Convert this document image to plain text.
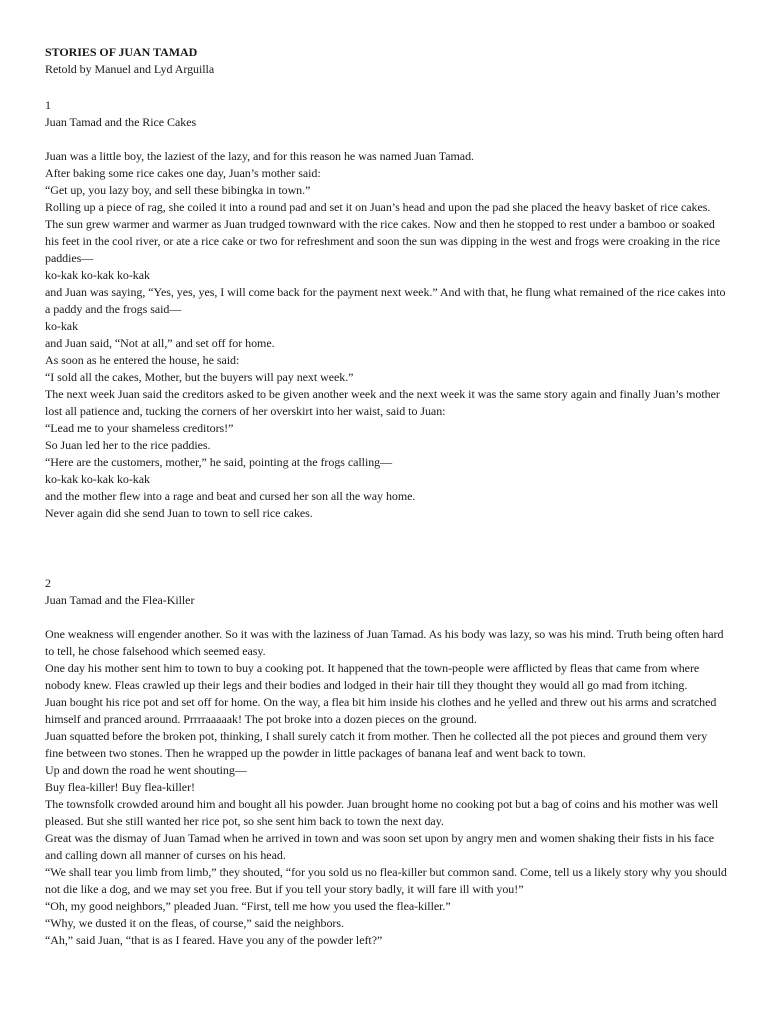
STORIES OF JUAN TAMAD

Retold by Manuel and Lyd Arguilla

1

Juan Tamad and the Rice Cakes

Juan was a little boy, the laziest of the lazy, and for this reason he was named Juan Tamad.

After baking some rice cakes one day, Juan’s mother said:

“Get up, you lazy boy, and sell these bibingka in town.”

Rolling up a piece of rag, she coiled it into a round pad and set it on Juan’s head and upon the pad she placed the heavy basket of rice cakes.

The sun grew warmer and warmer as Juan trudged townward with the rice cakes. Now and then he stopped to rest under a bamboo or soaked his feet in the cool river, or ate a rice cake or two for refreshment and soon the sun was dipping in the west and frogs were croaking in the rice paddies—

ko-kak ko-kak ko-kak

and Juan was saying, “Yes, yes, yes, I will come back for the payment next week.” And with that, he flung what remained of the rice cakes into a paddy and the frogs said—

ko-kak

and Juan said, “Not at all,” and set off for home.

As soon as he entered the house, he said:

“I sold all the cakes, Mother, but the buyers will pay next week.”

The next week Juan said the creditors asked to be given another week and the next week it was the same story again and finally Juan’s mother lost all patience and, tucking the corners of her overskirt into her waist, said to Juan:

“Lead me to your shameless creditors!”

So Juan led her to the rice paddies.

“Here are the customers, mother,” he said, pointing at the frogs calling—

ko-kak ko-kak ko-kak

and the mother flew into a rage and beat and cursed her son all the way home.

Never again did she send Juan to town to sell rice cakes.

2

Juan Tamad and the Flea-Killer

One weakness will engender another. So it was with the laziness of Juan Tamad. As his body was lazy, so was his mind. Truth being often hard to tell, he chose falsehood which seemed easy.

One day his mother sent him to town to buy a cooking pot. It happened that the town-people were afflicted by fleas that came from where nobody knew. Fleas crawled up their legs and their bodies and lodged in their hair till they thought they would all go mad from itching.

Juan bought his rice pot and set off for home. On the way, a flea bit him inside his clothes and he yelled and threw out his arms and scratched himself and pranced around. Prrrraaaaak! The pot broke into a dozen pieces on the ground.

Juan squatted before the broken pot, thinking, I shall surely catch it from mother. Then he collected all the pot pieces and ground them very fine between two stones. Then he wrapped up the powder in little packages of banana leaf and went back to town.

Up and down the road he went shouting—

Buy flea-killer! Buy flea-killer!

The townsfolk crowded around him and bought all his powder. Juan brought home no cooking pot but a bag of coins and his mother was well pleased. But she still wanted her rice pot, so she sent him back to town the next day.

Great was the dismay of Juan Tamad when he arrived in town and was soon set upon by angry men and women shaking their fists in his face and calling down all manner of curses on his head.

“We shall tear you limb from limb,” they shouted, “for you sold us no flea-killer but common sand. Come, tell us a likely story why you should not die like a dog, and we may set you free. But if you tell your story badly, it will fare ill with you!”

“Oh, my good neighbors,” pleaded Juan. “First, tell me how you used the flea-killer.”

“Why, we dusted it on the fleas, of course,” said the neighbors.

“Ah,” said Juan, “that is as I feared. Have you any of the powder left?”
